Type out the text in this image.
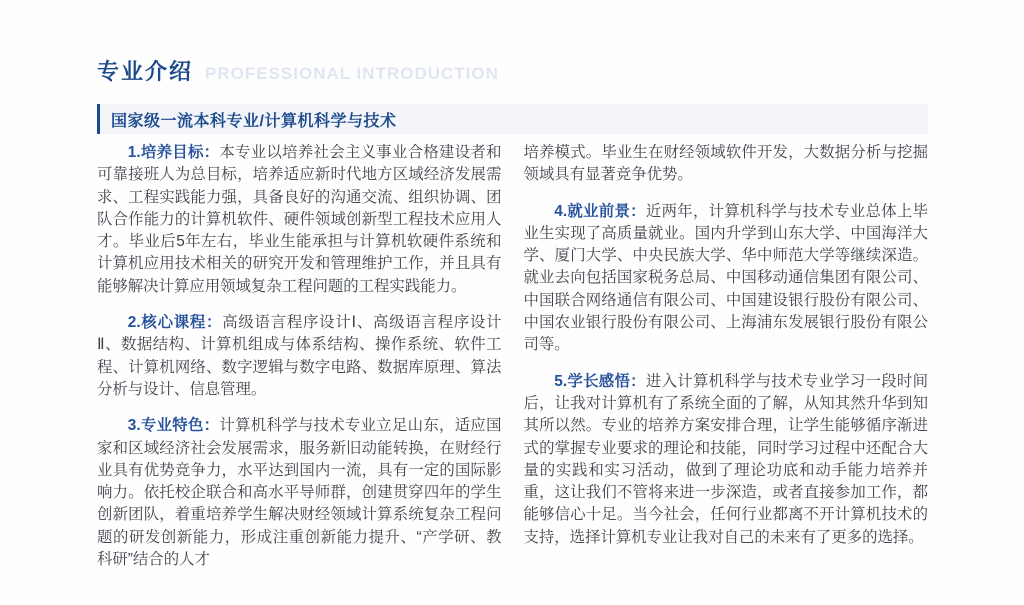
专业介绍 PROFESSIONAL INTRODUCTION
国家级一流本科专业/计算机科学与技术

1.培养目标：本专业以培养社会主义事业合格建设者和可靠接班人为总目标，培养适应新时代地方区域经济发展需求、工程实践能力强，具备良好的沟通交流、组织协调、团队合作能力的计算机软件、硬件领域创新型工程技术应用人才。毕业后5年左右，毕业生能承担与计算机软硬件系统和计算机应用技术相关的研究开发和管理维护工作，并且具有能够解决计算应用领域复杂工程问题的工程实践能力。

2.核心课程：高级语言程序设计Ⅰ、高级语言程序设计Ⅱ、数据结构、计算机组成与体系结构、操作系统、软件工程、计算机网络、数字逻辑与数字电路、数据库原理、算法分析与设计、信息管理。

3.专业特色：计算机科学与技术专业立足山东，适应国家和区域经济社会发展需求，服务新旧动能转换，在财经行业具有优势竞争力，水平达到国内一流，具有一定的国际影响力。依托校企联合和高水平导师群，创建贯穿四年的学生创新团队，着重培养学生解决财经领域计算系统复杂工程问题的研发创新能力，形成注重创新能力提升、“产学研、教科研”结合的人才

培养模式。毕业生在财经领域软件开发，大数据分析与挖掘领域具有显著竞争优势。

4.就业前景：近两年，计算机科学与技术专业总体上毕业生实现了高质量就业。国内升学到山东大学、中国海洋大学、厦门大学、中央民族大学、华中师范大学等继续深造。就业去向包括国家税务总局、中国移动通信集团有限公司、中国联合网络通信有限公司、中国建设银行股份有限公司、中国农业银行股份有限公司、上海浦东发展银行股份有限公司等。

5.学长感悟：进入计算机科学与技术专业学习一段时间后，让我对计算机有了系统全面的了解，从知其然升华到知其所以然。专业的培养方案安排合理，让学生能够循序渐进式的掌握专业要求的理论和技能，同时学习过程中还配合大量的实践和实习活动，做到了理论功底和动手能力培养并重，这让我们不管将来进一步深造，或者直接参加工作，都能够信心十足。当今社会，任何行业都离不开计算机技术的支持，选择计算机专业让我对自己的未来有了更多的选择。
